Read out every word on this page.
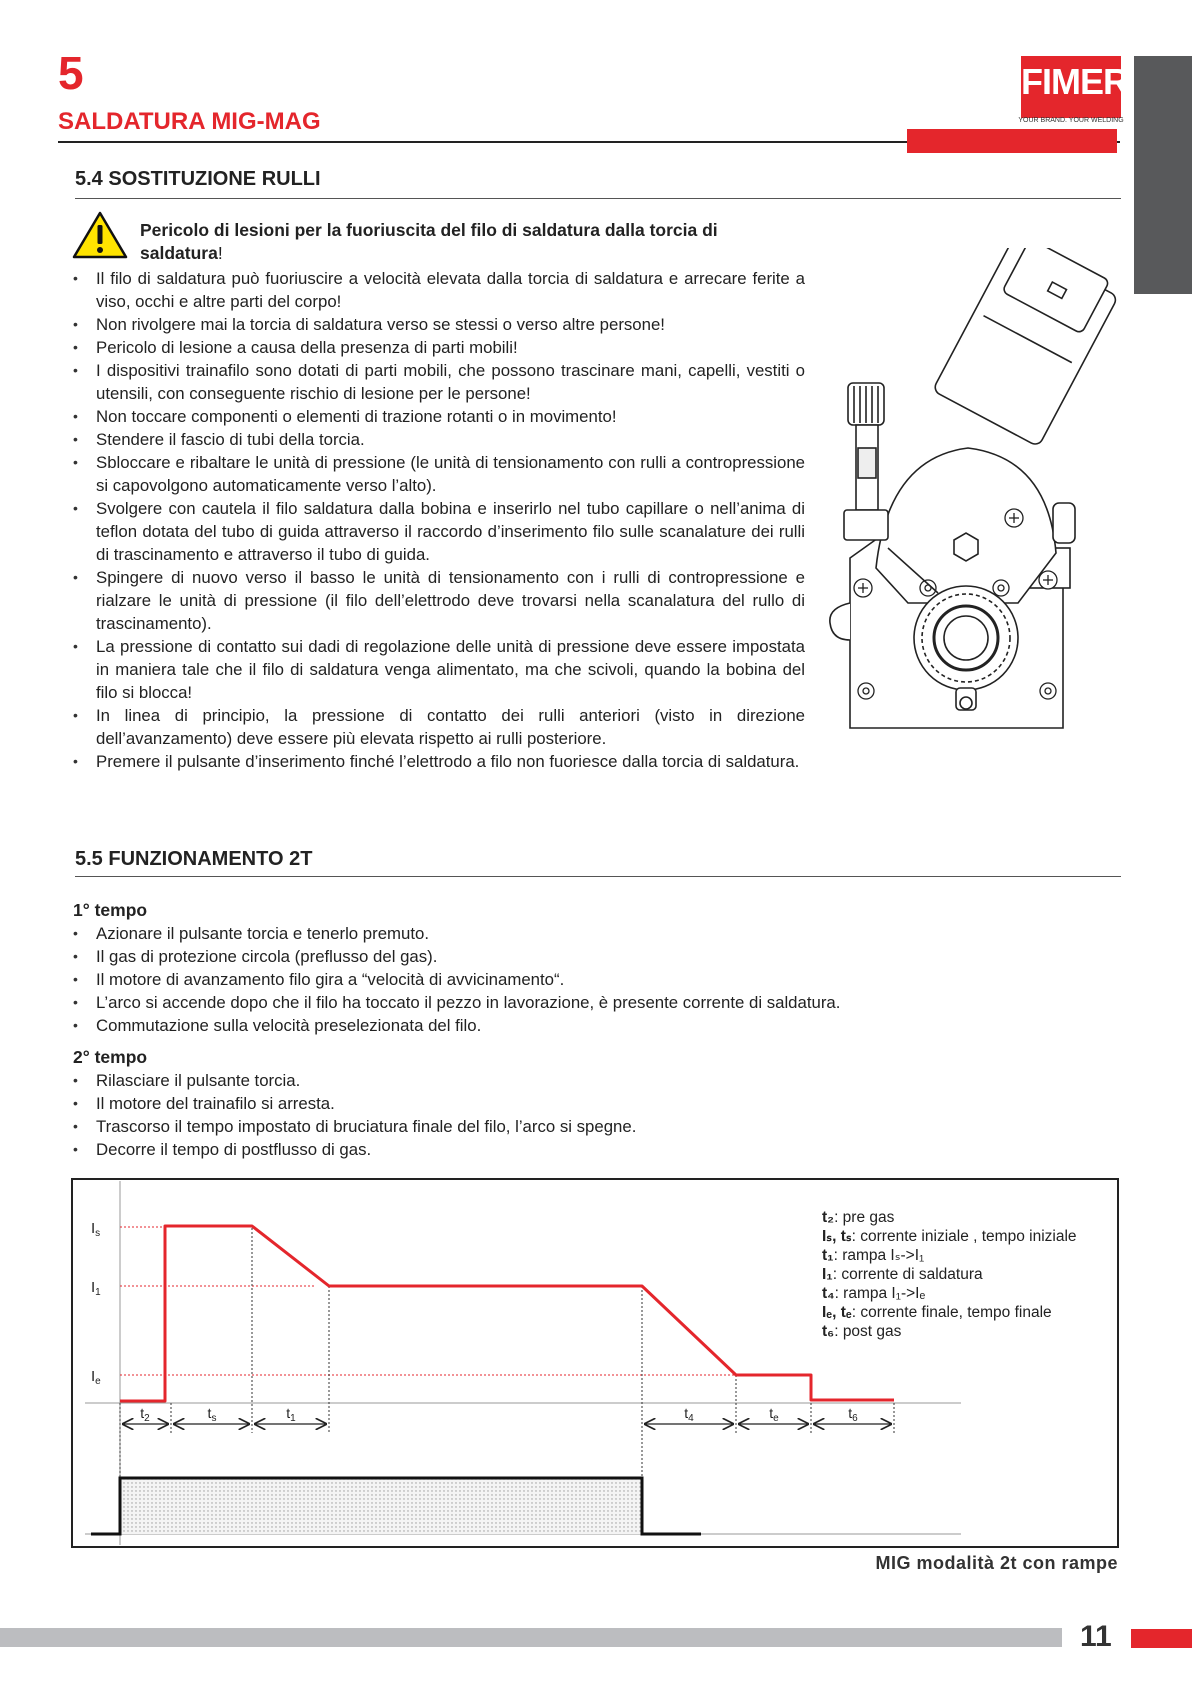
5
SALDATURA MIG-MAG
FIMER
YOUR BRAND. YOUR WELDING
5.4 SOSTITUZIONE RULLI
Pericolo di lesioni per la fuoriuscita del filo di saldatura dalla torcia di saldatura!
• Il filo di saldatura può fuoriuscire a velocità elevata dalla torcia di saldatura e arrecare ferite a viso, occhi e altre parti del corpo!
• Non rivolgere mai la torcia di saldatura verso se stessi o verso altre persone!
• Pericolo di lesione a causa della presenza di parti mobili!
• I dispositivi trainafilo sono dotati di parti mobili, che possono trascinare mani, capelli, vestiti o utensili, con conseguente rischio di lesione per le persone!
• Non toccare componenti o elementi di trazione rotanti o in movimento!
• Stendere il fascio di tubi della torcia.
• Sbloccare e ribaltare le unità di pressione (le unità di tensionamento con rulli a contropressione si capovolgono automaticamente verso l’alto).
• Svolgere con cautela il filo saldatura dalla bobina e inserirlo nel tubo capillare o nell’anima di teflon dotata del tubo di guida attraverso il raccordo d’inserimento filo sulle scanalature dei rulli di trascinamento e attraverso il tubo di guida.
• Spingere di nuovo verso il basso le unità di tensionamento con i rulli di contropressione e rialzare le unità di pressione (il filo dell’elettrodo deve trovarsi nella scanalatura del rullo di trascinamento).
• La pressione di contatto sui dadi di regolazione delle unità di pressione deve essere impostata in maniera tale che il filo di saldatura venga alimentato, ma che scivoli, quando la bobina del filo si blocca!
• In linea di principio, la pressione di contatto dei rulli anteriori (visto in direzione dell’avanzamento) deve essere più elevata rispetto ai rulli posteriore.
• Premere il pulsante d’inserimento finché l’elettrodo a filo non fuoriesce dalla torcia di saldatura.
5.5 FUNZIONAMENTO 2T
1° tempo
• Azionare il pulsante torcia e tenerlo premuto.
• Il gas di protezione circola (preflusso del gas).
• Il motore di avanzamento filo gira a “velocità di avvicinamento“.
• L’arco si accende dopo che il filo ha toccato il pezzo in lavorazione, è presente corrente di saldatura.
• Commutazione sulla velocità preselezionata del filo.
2° tempo
• Rilasciare il pulsante torcia.
• Il motore del trainafilo si arresta.
• Trascorso il tempo impostato di bruciatura finale del filo, l’arco si spegne.
• Decorre il tempo di postflusso di gas.
$I_s$
$I_1$
$I_e$
$t_2$	$t_s$	$t_1$	$t_4$	$t_e$	$t_6$
t₂: pre gas
Iₛ, tₛ: corrente iniziale , tempo iniziale
t₁: rampa Iₛ->I₁
I₁: corrente di saldatura
t₄: rampa I₁->Iₑ
Iₑ, tₑ: corrente finale, tempo finale
t₆: post gas
MIG modalità 2t con rampe
11
